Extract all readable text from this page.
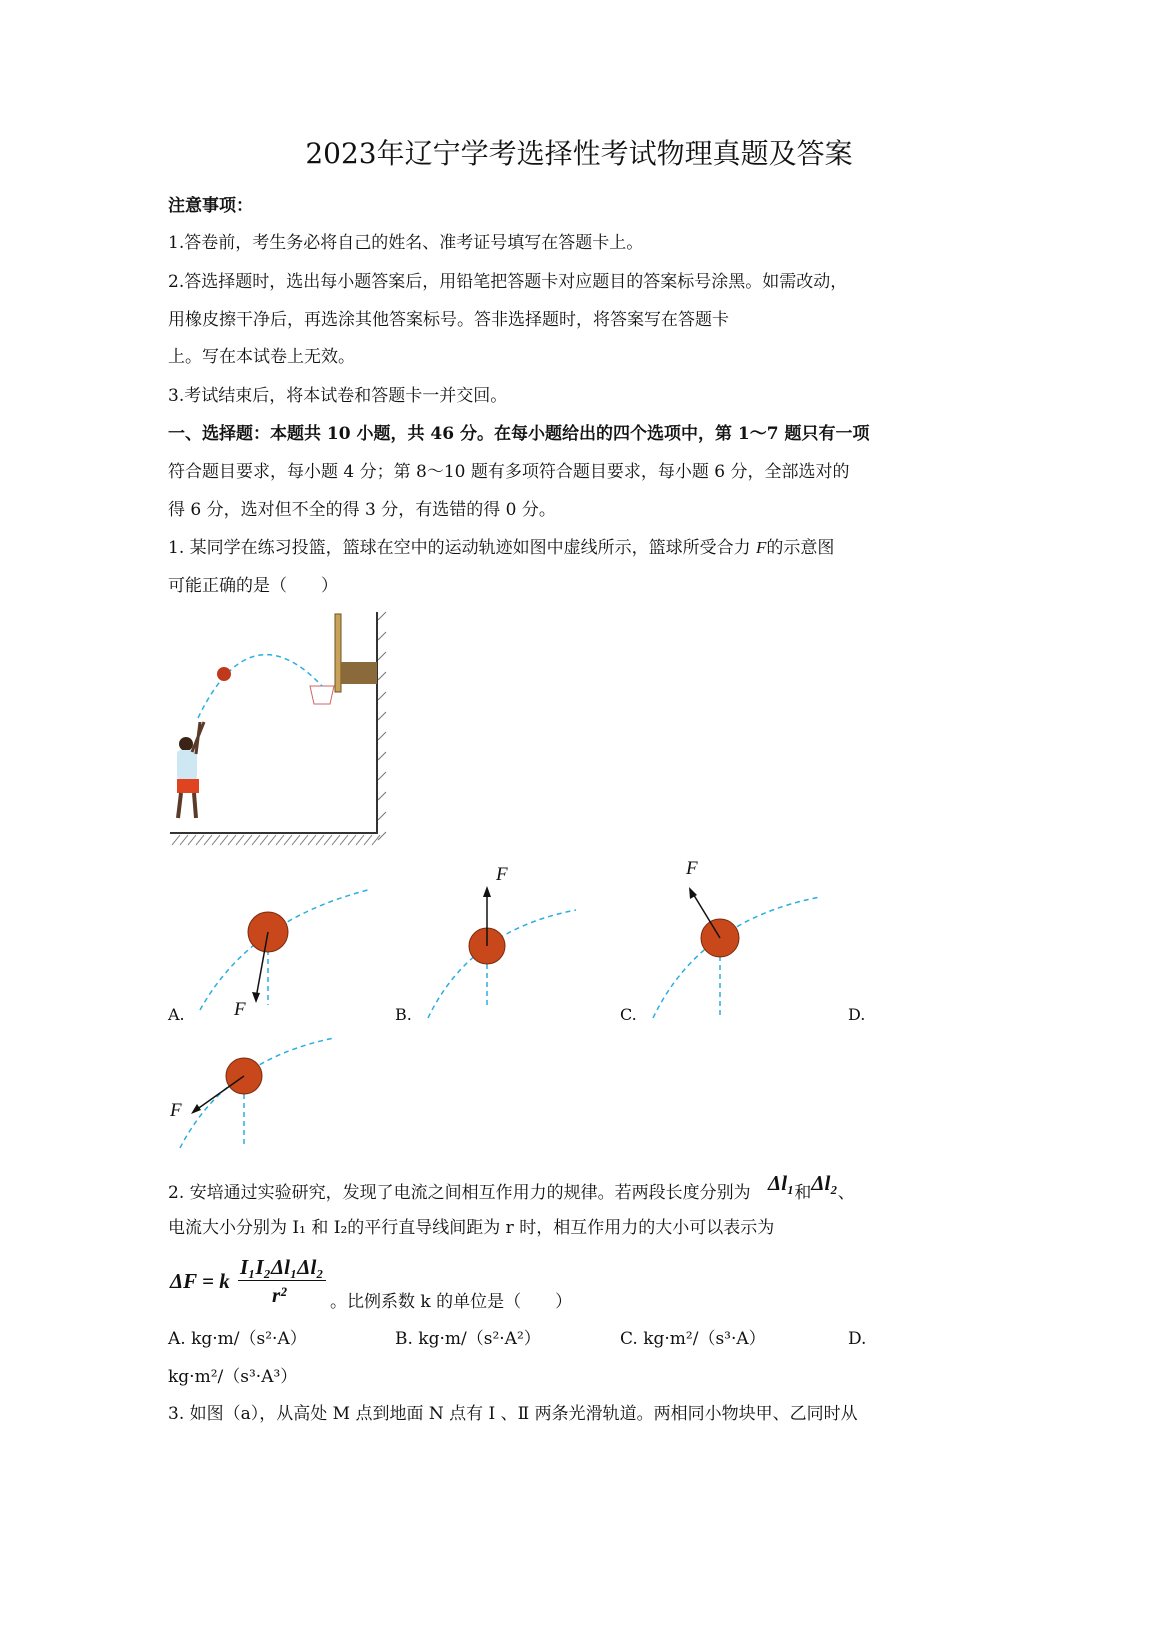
2023年辽宁学考选择性考试物理真题及答案
注意事项：
1.答卷前，考生务必将自己的姓名、准考证号填写在答题卡上。
2.答选择题时，选出每小题答案后，用铅笔把答题卡对应题目的答案标号涂黑。如需改动，
用橡皮擦干净后，再选涂其他答案标号。答非选择题时，将答案写在答题卡
上。写在本试卷上无效。
3.考试结束后，将本试卷和答题卡一并交回。
一、选择题：本题共 10 小题，共 46 分。在每小题给出的四个选项中，第 1～7 题只有一项
符合题目要求，每小题 4 分；第 8～10 题有多项符合题目要求，每小题 6 分，全部选对的
得 6 分，选对但不全的得 3 分，有选错的得 0 分。
1. 某同学在练习投篮，篮球在空中的运动轨迹如图中虚线所示，篮球所受合力 F的示意图
可能正确的是（　　）
F
F	F
F
A.	B.	C.	D.
2. 安培通过实验研究，发现了电流之间相互作用力的规律。若两段长度分别为 Δl₁和Δl₂、
电流大小分别为 I₁ 和 I₂的平行直导线间距为 r 时，相互作用力的大小可以表示为
ΔF = k
I₁I₂Δl₁Δl₂
r²	。比例系数 k 的单位是（　　）
A. kg·m/（s²·A）	B. kg·m/（s²·A²）	C. kg·m²/（s³·A）	D.
kg·m²/（s³·A³）
3. 如图（a），从高处 M 点到地面 N 点有 Ⅰ 、Ⅱ 两条光滑轨道。两相同小物块甲、乙同时从
